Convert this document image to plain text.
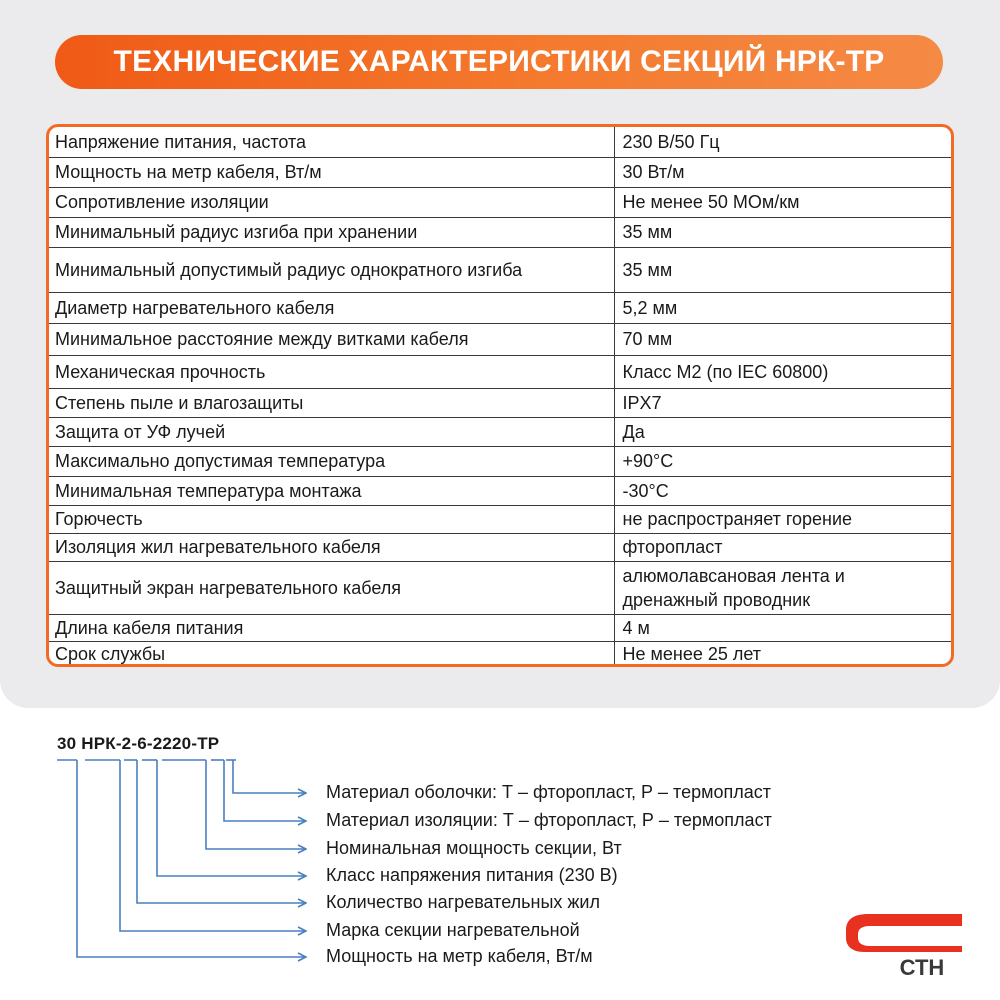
ТЕХНИЧЕСКИЕ ХАРАКТЕРИСТИКИ СЕКЦИЙ НРК-ТР
Напряжение питания, частота	230 В/50 Гц
Мощность на метр кабеля, Вт/м	30 Вт/м
Сопротивление изоляции	Не менее 50 МОм/км
Минимальный радиус изгиба при хранении	35 мм
Минимальный допустимый радиус однократного изгиба	35 мм
Диаметр нагревательного кабеля	5,2 мм
Минимальное расстояние между витками кабеля	70 мм
Механическая прочность	Класс М2 (по IEC 60800)
Степень пыле и влагозащиты	IPX7
Защита от УФ лучей	Да
Максимально допустимая температура	+90°C
Минимальная температура монтажа	-30°C
Горючесть	не распространяет горение
Изоляция жил нагревательного кабеля	фторопласт
Защитный экран нагревательного кабеля	алюмолавсановая лента и дренажный проводник
Длина кабеля питания	4 м
Срок службы	Не менее 25 лет
30 НРК-2-6-2220-ТР
Материал оболочки: Т – фторопласт, Р – термопласт
Материал изоляции: Т – фторопласт, Р – термопласт
Номинальная мощность секции, Вт
Класс напряжения питания (230 В)
Количество нагревательных жил
Марка секции нагревательной
Мощность на метр кабеля, Вт/м	СТН
